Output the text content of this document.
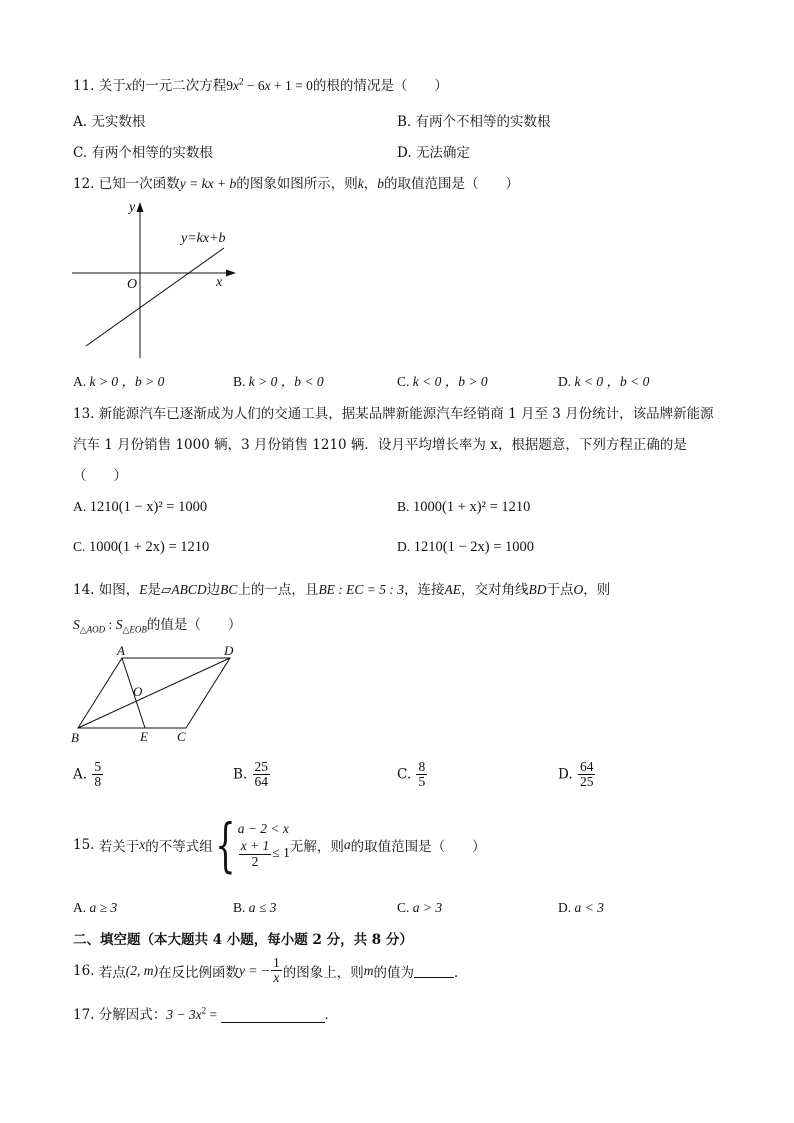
11. 关于x的一元二次方程$9x^2 - 6x + 1 = 0$的根的情况是（　　）
A. 无实数根	B. 有两个不相等的实数根
C. 有两个相等的实数根	D. 无法确定
12. 已知一次函数y = kx + b的图象如图所示，则k，b的取值范围是（　　）
y
x
O
y=kx+b
A. k > 0 ，b > 0	B. k > 0 ，b < 0	C. k < 0 ，b > 0	D. k < 0 ，b < 0
13. 新能源汽车已逐渐成为人们的交通工具，据某品牌新能源汽车经销商 1 月至 3 月份统计，该品牌新能源
汽车 1 月份销售 1000 辆，3 月份销售 1210 辆．设月平均增长率为 x，根据题意，下列方程正确的是
（　　）
A. 1210(1 − x)² = 1000	B. 1000(1 + x)² = 1210
C. 1000(1 + 2x) = 1210	D. 1210(1 − 2x) = 1000
14. 如图，E是▱ABCD边BC上的一点，且BE : EC = 5 : 3，连接AE，交对角线BD于点O，则
$S_{\triangle AOD}$ : $S_{\triangle EOB}$的值是（　　）
A	D
O
B	E C
A. $\frac{5}{8}$	B. $\frac{25}{64}$	C. $\frac{8}{5}$	D. $\frac{64}{25}$
15.
若关于 x 的不等式组 { a − 2 < x
$\frac{x + 1}{2} \le 1$ 无解，则 a 的取值范围是（　　）
A. a ≥ 3	B. a ≤ 3	C. a > 3	D. a < 3
二、填空题（本大题共 4 小题，每小题 2 分，共 8 分）
16.
若点 (2, m) 在反比例函数 y = − $\frac{1}{x}$ 的图象上，则 m 的值为	．
17. 分解因式：$3 - 3x^2$ =	．
